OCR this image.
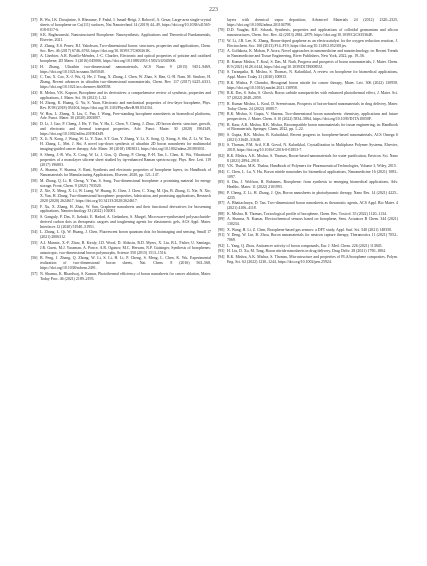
223
[37] B. Wu, I.K. Droujinine, S. Rheaume, F. Fadul, I. Ismail-Beigi, J. Bobovič, A. Gesar, Large-area single-crystal sheets of borophene on Cu(111) surfaces, Nat Nanotechnol 14 (2019) 44–49, https://doi.org/10.1038/s41565-018-0317-6.
[38] S.K. Raghuvanshi, Nanostructured Borophene: Nanosynthesis, Applications and Theoretical Fundamentals, Elsevier, 2021.
[39] Z. Zhang, E.S. Penev, B.I. Yakobson, Two-dimensional boron: structures, properties and applications, Chem. Soc. Rev. 46 (2017) 6746–6763, https://doi.org/10.1039/C7CS00261K.
[40] A. Lherbier, A.R. Botello-Méndez, J.-C. Charlier, Electronic and optical properties of pristine and oxidized borophene, 2D Mater. 3 (2016) 045006, https://doi.org/10.1088/2053-1583/3/4/045006.
[41] H. Zhang, Ultrathin two-dimensional nanomaterials, ACS Nano 9 (2015) 9451–9469, https://doi.org/10.1021/acsnano.5b05040.
[42] C. Tan, X. Cao, X.-J. Wu, Q. He, J. Yang, X. Zhang, J. Chen, W. Zhao, S. Han, G.-H. Nam, M. Sindoro, H. Zhang, Recent advances in ultrathin two-dimensional nanomaterials, Chem. Rev. 117 (2017) 6225–6331, https://doi.org/10.1021/acs.chemrev.6b00558.
[43] R. Mehra, V.K. Kapoor, Borophene and its derivatives: a comprehensive review of synthesis, properties and applications, J. Mater. Sci. 56 (2021) 1–32.
[44] H. Zhong, K. Huang, G. Yu, S. Yuan, Electronic and mechanical properties of few-layer borophene, Phys. Rev. B 98 (2018) 054104, https://doi.org/10.1103/PhysRevB.98.054104.
[45] W. Hou, L. Zhang, X. Liu, C. Pan, J. Wang, Free-standing borophene nanosheets as biomedical platforms, Adv. Funct. Mater. 30 (2020) 2003007.
[46] D. Li, J. Gao, P. Cheng, J. He, Y. Yin, Y. Hu, L. Chen, Y. Cheng, J. Zhao, 2D boron sheets: structure, growth, and electronic and thermal transport properties, Adv. Funct. Mater. 30 (2020) 1904349, https://doi.org/10.1002/adfm.201904349.
[47] X. Ji, N. Kong, J. Wang, W. Li, Y. Xiao, S.T. Gan, Y. Zhang, Y. Li, X. Song, Q. Xiong, S. Shi, Z. Li, W. Tao, H. Zhang, L. Mei, J. Shi, A novel top-down synthesis of ultrathin 2D boron nanosheets for multimodal imaging-guided cancer therapy, Adv. Mater. 30 (2018) 1803031, https://doi.org/10.1002/adma.201803031.
[48] S. Sheng, J.-B. Wu, X. Cong, W. Li, J. Gou, Q. Zhong, P. Cheng, P.-H. Tan, L. Chen, K. Wu, Vibrational properties of a monolayer silicene sheet studied by tip-enhanced Raman spectroscopy, Phys. Rev. Lett. 119 (2017) 196803.
[49] A. Sharma, V. Sharma, S. Rani, Synthesis and electronic properties of borophene layers, in: Handbook of Nanomaterials for Manufacturing Applications, Elsevier, 2020, pp. 121–147.
[50] M. Zhang, Q. Li, B. Cheng, Y. Yan, S. Song, Two-dimensional borophene: a promising material for energy storage, Front. Chem. 9 (2021) 703520.
[51] Z. Xie, X. Meng, X. Li, W. Liang, W. Huang, K. Chen, J. Chen, C. Xing, M. Qiu, B. Zhang, G. Nie, N. Xie, X. Yan, H. Zhang, Two-dimensional borophene: properties, fabrication, and promising applications, Research 2020 (2020) 2624617, https://doi.org/10.34133/2020/2624617.
[52] F. Xu, X. Zhang, H. Zhao, W. Sun, Graphene nanosheets and their functional derivatives for biosensing applications, Nanotechnology 33 (2022) 102001.
[53] S. Ganguly, P. Das, E. Itzhaki, E. Hadad, A. Gedanken, S. Margel, Microwave-synthesized polysaccharide-derived carbon dots as therapeutic cargoes and toughening agents for elastomeric gels, ACS Appl. Mater. Interfaces 12 (2020) 51940–51951.
[54] L. Zhang, L. Qi, W. Huang, J. Chen, Fluorescent boron quantum dots for bioimaging and sensing, Small 17 (2021) 2006312.
[55] A.J. Mannix, X.-F. Zhou, B. Kiraly, J.D. Wood, D. Alducin, B.D. Myers, X. Liu, B.L. Fisher, U. Santiago, J.R. Guest, M.J. Yacaman, A. Ponce, A.R. Oganov, M.C. Hersam, N.P. Guisinger, Synthesis of borophenes: anisotropic, two-dimensional boron polymorphs, Science 350 (2015) 1513–1516.
[56] B. Feng, J. Zhang, Q. Zhong, W. Li, S. Li, H. Li, P. Cheng, S. Meng, L. Chen, K. Wu, Experimental realization of two-dimensional boron sheets, Nat. Chem. 8 (2016) 563–568, https://doi.org/10.1038/nchem.2491.
[57] N. Sharma, K. Bhardwaj, S. Kumar, Photothermal efficiency of boron nanosheets for cancer ablation, Mater. Today Proc. 46 (2021) 2189–2195.
layers with chemical vapor deposition, Advanced Materials 24 (2012) 2320–2325, https://doi.org/10.1002/adma.201104798.
[70] D.D. Vaughn, R.E. Schaak, Synthesis, properties and applications of colloidal germanium and silicon nanostructures, Chem. Soc. Rev. 42 (2013) 2861–2879, https://doi.org/10.1039/C2CS35364E.
[71] W. Li, J.R. Lee, K. Zhang, Boron-doped graphene as an electrocatalyst for the oxygen reduction reaction, J. Electrochem. Soc. 160 (2013) F14–F19, https://doi.org/10.1149/2.052301jes.
[72] A. Gollakota, K. Mohan, P. Arora, Novel approaches in nanomedicine and nanotechnology, in: Recent Trends in Nanomedicine and Tissue Engineering, River Publishers, New York, 2022, pp. 19–56.
[73] R. Kumar Mishra, T. Koul, S. Das, M. Nath, Progress and prospects of boron nanomaterials, J. Mater. Chem. B 9 (2021) 6128–6144, https://doi.org/10.1039/D1TB00853J.
[74] S. Taranpalia, R. Mishra, S. Thomas, N. Kalarikkal, A review on borophene for biomedical applications, Appl. Mater. Today 21 (2020) 100815.
[75] R.K. Mishra, P. Chandra, Hexagonal boron nitride for cancer therapy, Mater. Lett. 306 (2022) 130958, https://doi.org/10.1016/j.matlet.2021.130958.
[76] R.K. Das, S. Sahu, S. Ghosh, Boron carbide nanoparticles with enhanced photothermal effect, J. Mater. Sci. 57 (2022) 2048–2059.
[77] R. Kumar Mishra, L. Koul, D. Sreenivasan, Prospects of boron-based nanomaterials in drug delivery, Mater. Today Chem. 24 (2022) 100817.
[78] R.K. Mishra, S. Gupta, V. Sharma, Two-dimensional boron nanosheets: chemistry, applications and future perspectives, J. Mater. Chem. A 10 (2022) 5834–5864, https://doi.org/10.1039/D1TA10050F.
[79] R. Kaur, A.K. Mishra, R.K. Mishra, Biocompatible boron nanomaterials for tissue engineering, in: Handbook of Biomaterials, Springer, Cham, 2022, pp. 1–22.
[80] S. Gupta, R.K. Mishra, B. Kalarikkal, Recent progress in borophene-based nanomaterials, ACS Omega 6 (2021) 31640–31648.
[81] S. Thomas, P.M. Arif, E.B. Gowd, N. Kalarikkal, Crystallization in Multiphase Polymer Systems, Elsevier, 2018, https://doi.org/10.1016/C2016-0-01853-7.
[82] R.K. Mishra, A.K. Mishra, S. Thomas, Boron-based nanomaterials for water purification, Environ. Sci. Nano 8 (2021) 2894–2910.
[83] V.K. Thakur, M.K. Thakur, Handbook of Polymers for Pharmaceutical Technologies, Volume 3, Wiley, 2015.
[84] C. Chen, L. Lu, Y. Hu, Boron nitride nanotubes for biomedical applications, Nanomedicine 16 (2021) 1083–1097.
[85] S. Das, J. Wolfson, R. Rubianes, Borophene: from synthesis to emerging biomedical applications, Adv. Healthc. Mater. 11 (2022) 2101993.
[86] P. Cheng, Z. Li, H. Zhang, J. Qin, Boron nanosheets in photodynamic therapy, Nano Res. 14 (2021) 4225–4235.
[87] A. Bhattacharya, D. Tan, Two-dimensional boron nanosheets as theranostic agents, ACS Appl. Bio Mater. 4 (2021) 4106–4118.
[88] K. Mishra, R. Thomas, Toxicological profile of borophene, Chem. Res. Toxicol. 35 (2022) 1120–1134.
[89] A. Sharma, N. Kumar, Electrochemical sensors based on borophene, Sens. Actuators B Chem. 344 (2021) 130234.
[90] X. Wang, H. Li, Z. Chen, Borophene-based gas sensors: a DFT study, Appl. Surf. Sci. 540 (2021) 148350.
[91] Y. Deng, W. Lin, B. Zhou, Boron nanomaterials for neutron capture therapy, Theranostics 11 (2021) 7052–7069.
[92] L. Yang, Q. Zhou, Anticancer activity of boron compounds, Eur. J. Med. Chem. 226 (2021) 113845.
[93] H. Liu, D. Xu, M. Tang, Boron nitride nanosheets in drug delivery, Drug Deliv. 28 (2021) 1790–1804.
[94] R.K. Mishra, A.K. Mishra, S. Thomas, Microstructure and properties of PLA/borophene composites, Polym. Eng. Sci. 62 (2022) 1230–1244, https://doi.org/10.1002/pen.25924.
